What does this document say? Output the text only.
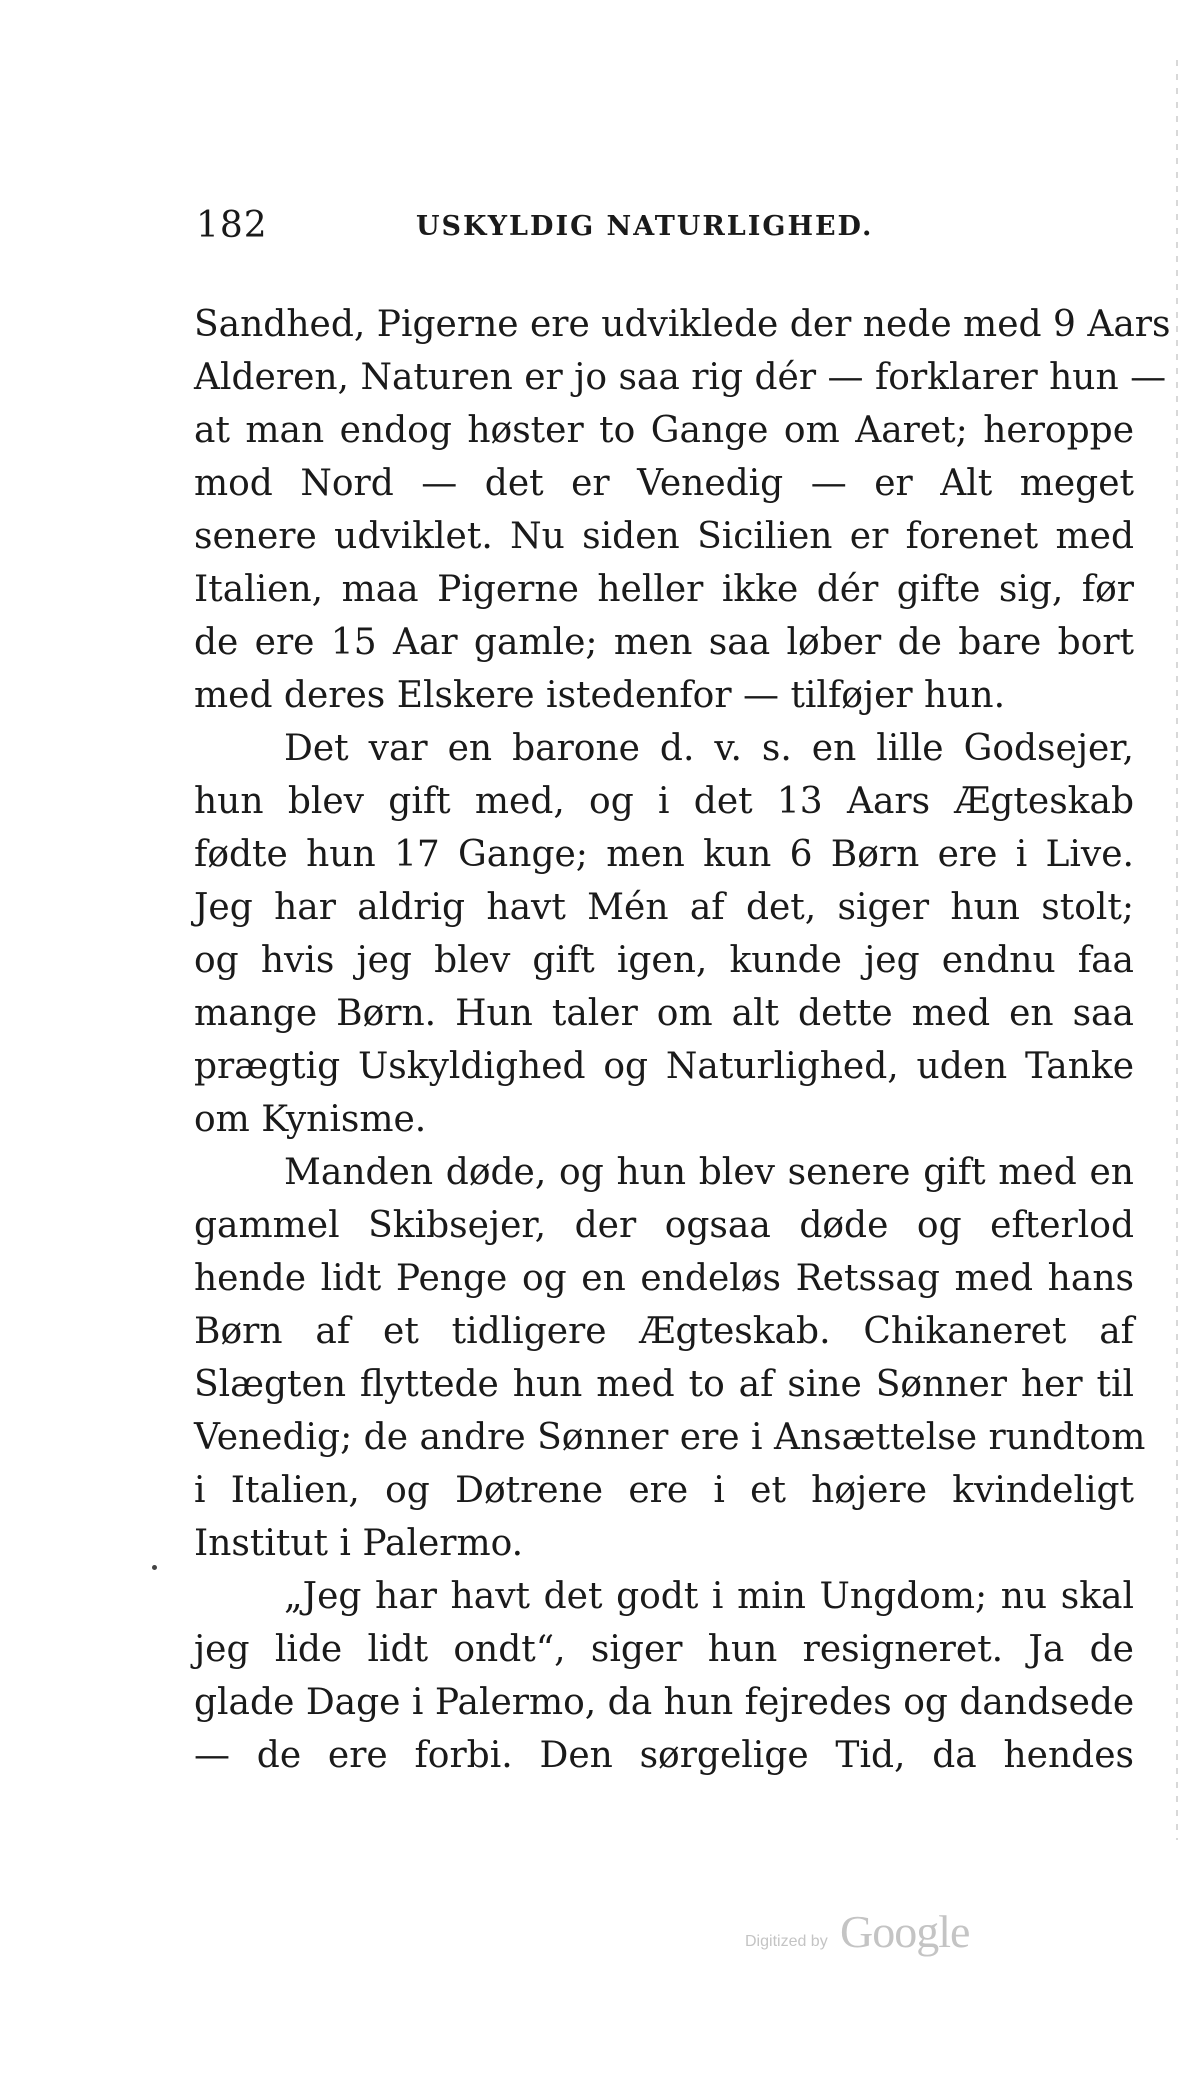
182	USKYLDIG NATURLIGHED.
Sandhed, Pigerne ere udviklede der nede med 9 Aars
Alderen, Naturen er jo saa rig dér — forklarer hun —
at man endog høster to Gange om Aaret; heroppe
mod Nord — det er Venedig — er Alt meget
senere udviklet. Nu siden Sicilien er forenet med
Italien, maa Pigerne heller ikke dér gifte sig, før
de ere 15 Aar gamle; men saa løber de bare bort
med deres Elskere istedenfor — tilføjer hun.
Det var en barone d. v. s. en lille Godsejer,
hun blev gift med, og i det 13 Aars Ægteskab
fødte hun 17 Gange; men kun 6 Børn ere i Live.
Jeg har aldrig havt Mén af det, siger hun stolt;
og hvis jeg blev gift igen, kunde jeg endnu faa
mange Børn. Hun taler om alt dette med en saa
prægtig Uskyldighed og Naturlighed, uden Tanke
om Kynisme.
Manden døde, og hun blev senere gift med en
gammel Skibsejer, der ogsaa døde og efterlod
hende lidt Penge og en endeløs Retssag med hans
Børn af et tidligere Ægteskab. Chikaneret af
Slægten flyttede hun med to af sine Sønner her til
Venedig; de andre Sønner ere i Ansættelse rundtom
i Italien, og Døtrene ere i et højere kvindeligt
Institut i Palermo.
„Jeg har havt det godt i min Ungdom; nu skal
jeg lide lidt ondt“, siger hun resigneret. Ja de
glade Dage i Palermo, da hun fejredes og dandsede
— de ere forbi. Den sørgelige Tid, da hendes
Digitized by Google
